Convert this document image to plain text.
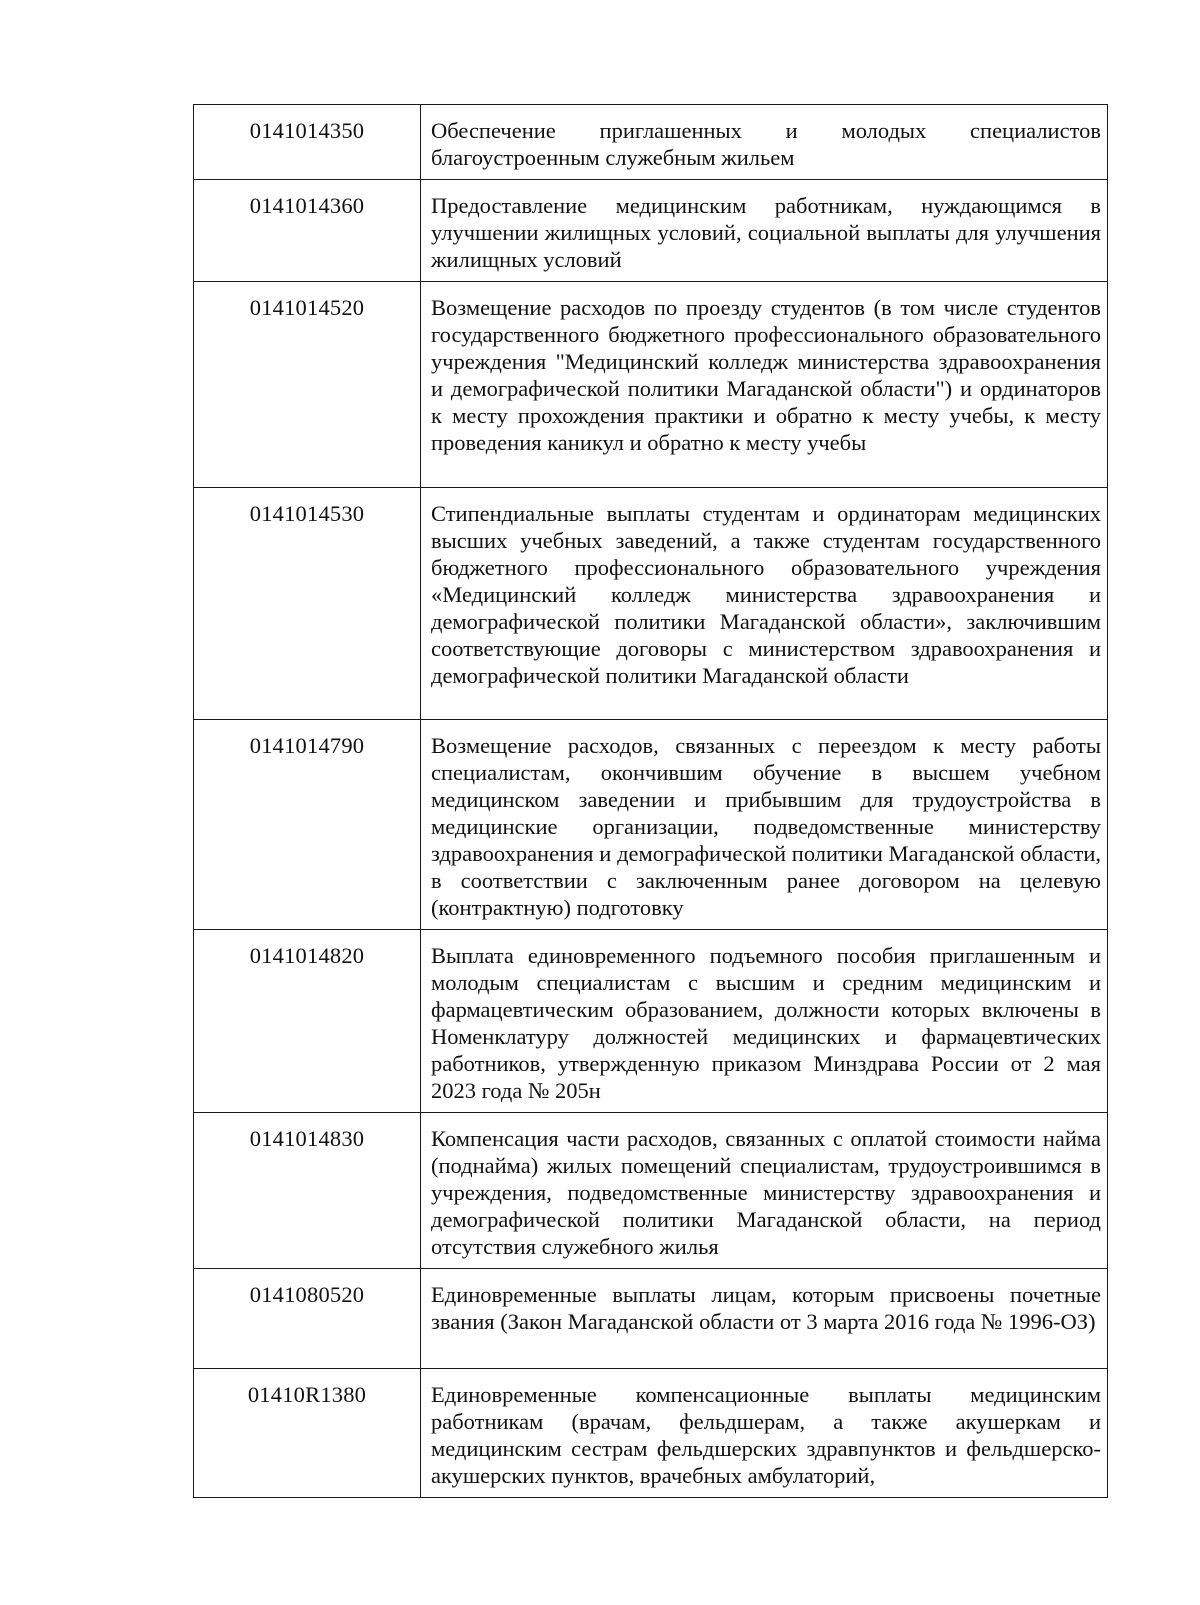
0141014350	Обеспечение приглашенных и молодых специалистов благоустроенным служебным жильем
0141014360	Предоставление медицинским работникам, нуждающимся в улучшении жилищных условий, социальной выплаты для улучшения жилищных условий
0141014520	Возмещение расходов по проезду студентов (в том числе студентов государственного бюджетного профессионального образовательного учреждения "Медицинский колледж министерства здравоохранения и демографической политики Магаданской области") и ординаторов к месту прохождения практики и обратно к месту учебы, к месту проведения каникул и обратно к месту учебы
0141014530	Стипендиальные выплаты студентам и ординаторам медицинских высших учебных заведений, а также студентам государственного бюджетного профессионального образовательного учреждения «Медицинский колледж министерства здравоохранения и демографической политики Магаданской области», заключившим соответствующие договоры с министерством здравоохранения и демографической политики Магаданской области
0141014790	Возмещение расходов, связанных с переездом к месту работы специалистам, окончившим обучение в высшем учебном медицинском заведении и прибывшим для трудоустройства в медицинские организации, подведомственные министерству здравоохранения и демографической политики Магаданской области, в соответствии с заключенным ранее договором на целевую (контрактную) подготовку
0141014820	Выплата единовременного подъемного пособия приглашенным и молодым специалистам с высшим и средним медицинским и фармацевтическим образованием, должности которых включены в Номенклатуру должностей медицинских и фармацевтических работников, утвержденную приказом Минздрава России от 2 мая 2023 года № 205н
0141014830	Компенсация части расходов, связанных с оплатой стоимости найма (поднайма) жилых помещений специалистам, трудоустроившимся в учреждения, подведомственные министерству здравоохранения и демографической политики Магаданской области, на период отсутствия служебного жилья
0141080520	Единовременные выплаты лицам, которым присвоены почетные звания (Закон Магаданской области от 3 марта 2016 года № 1996-ОЗ)
01410R1380	Единовременные компенсационные выплаты медицинским работникам (врачам, фельдшерам, а также акушеркам и медицинским сестрам фельдшерских здравпунктов и фельдшерско-акушерских пунктов, врачебных амбулаторий,
